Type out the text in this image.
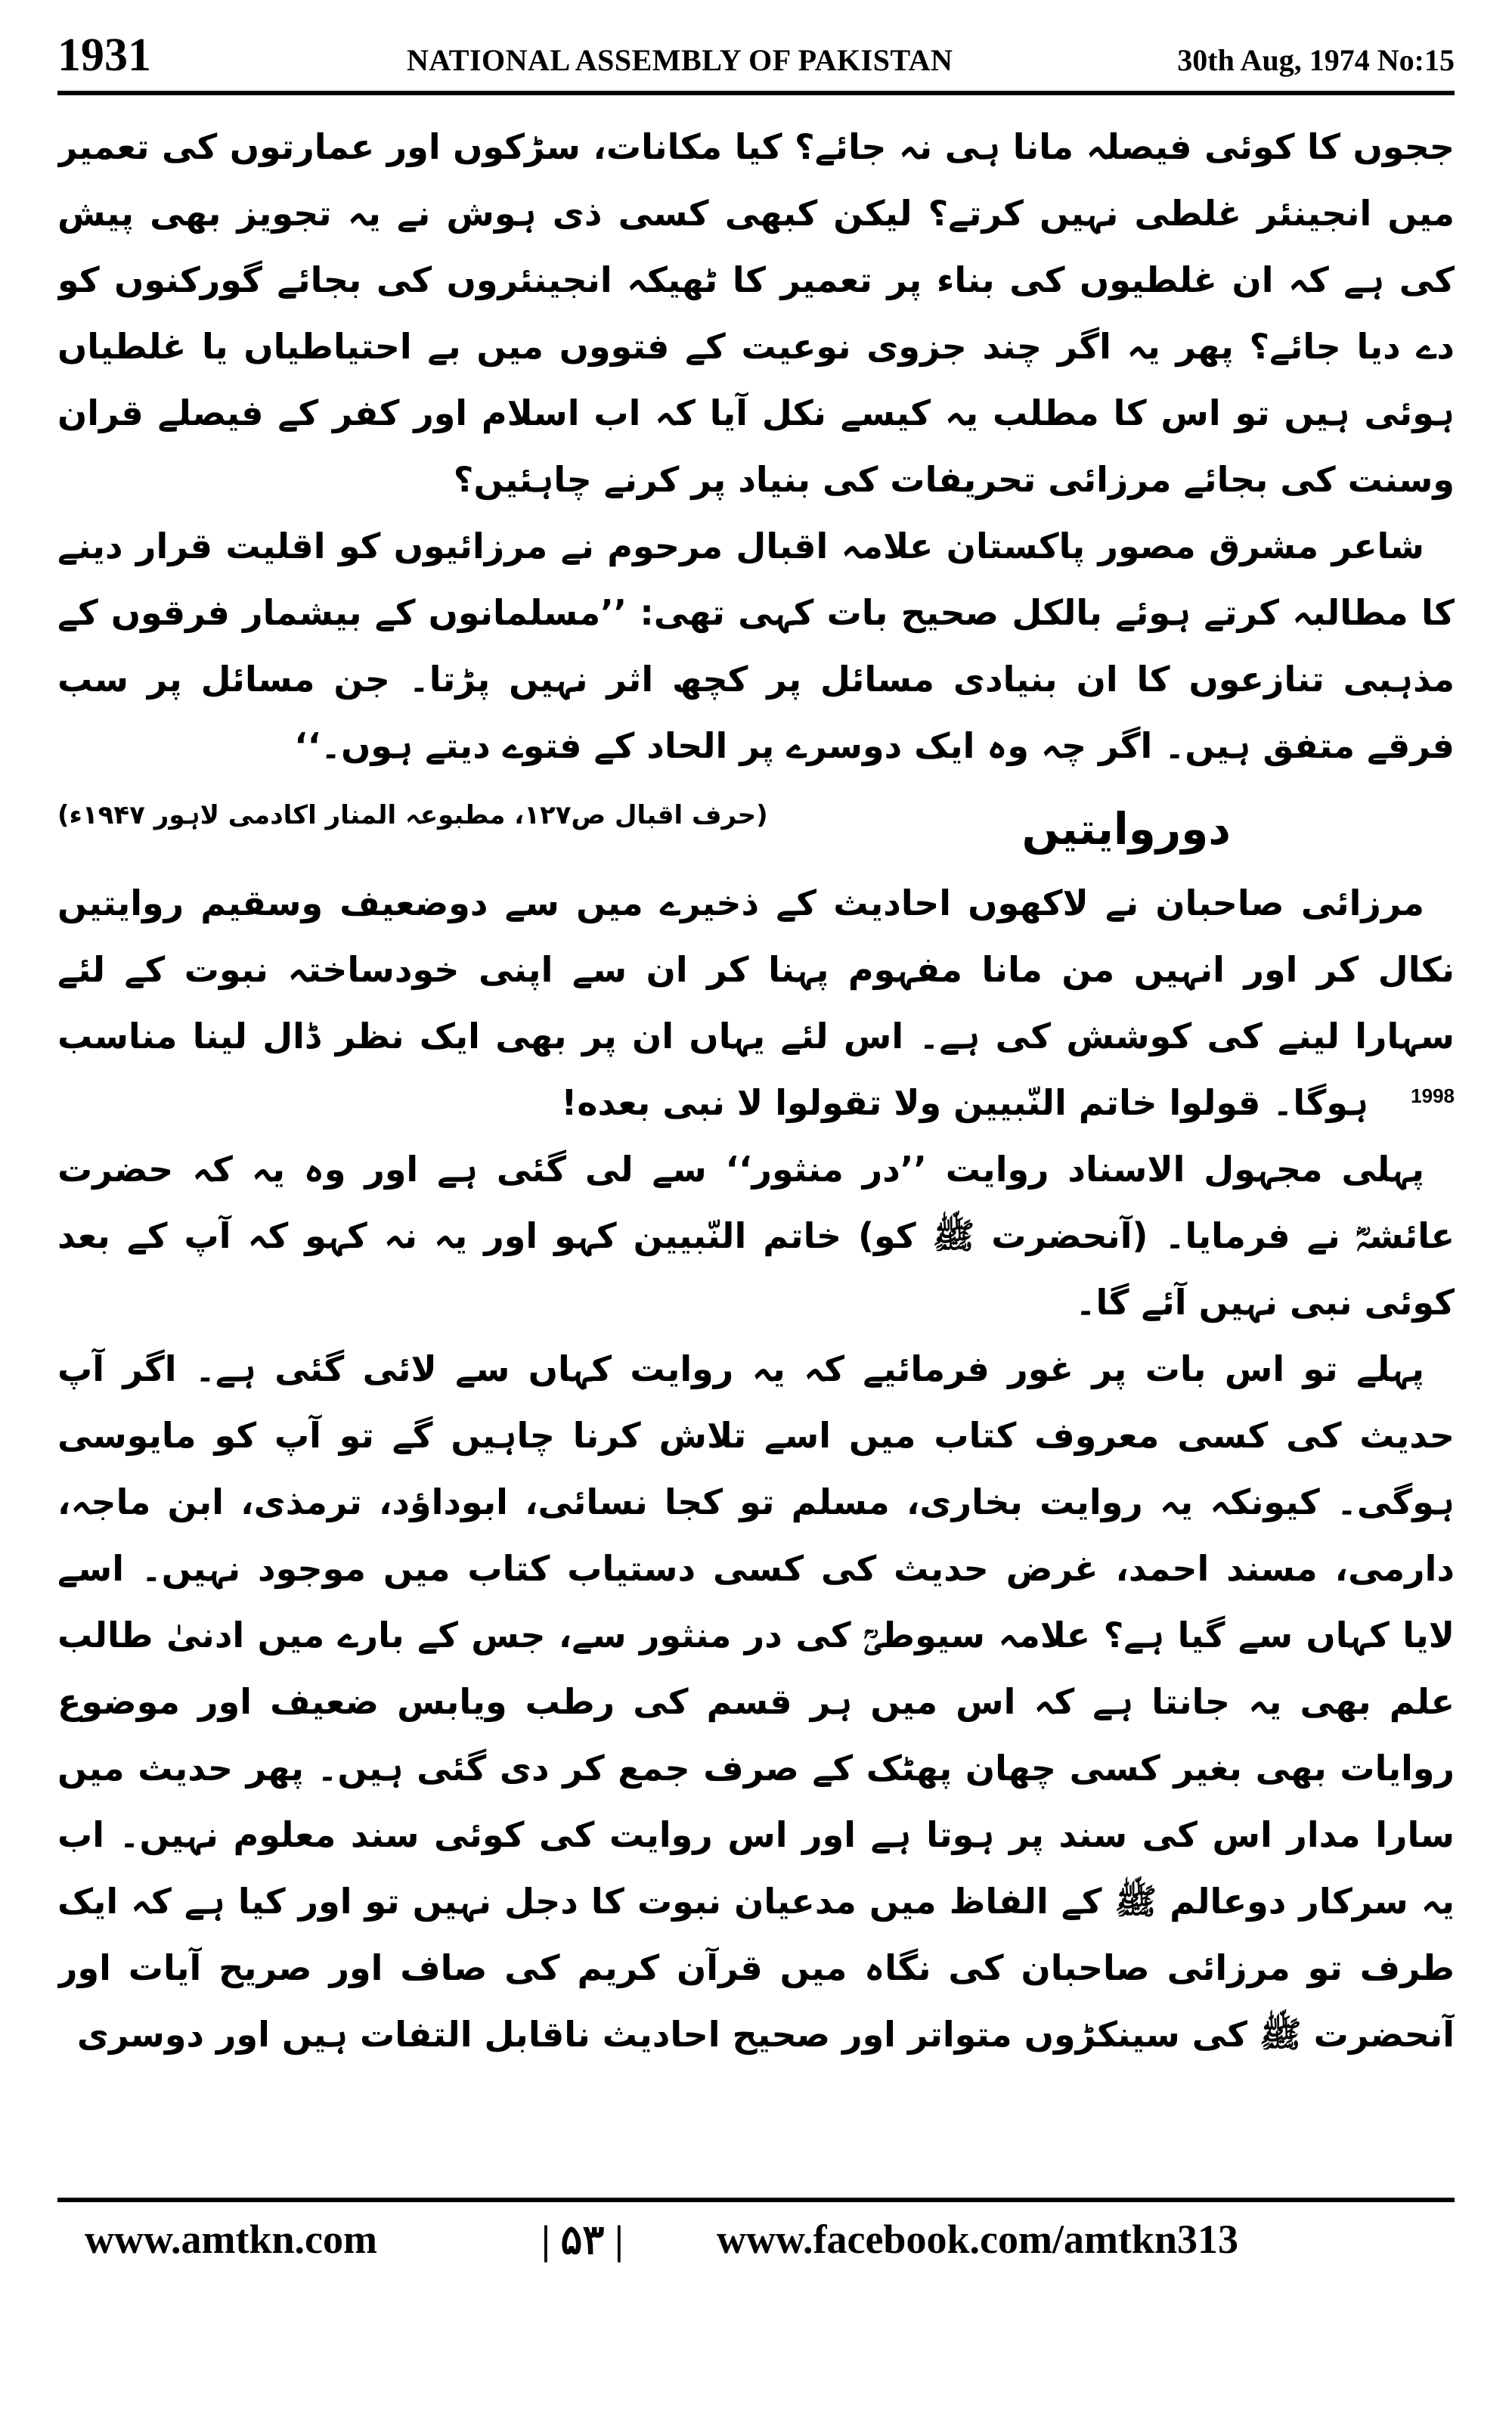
1931	NATIONAL ASSEMBLY OF PAKISTAN	30th Aug, 1974 No:15

ججوں کا کوئی فیصلہ مانا ہی نہ جائے؟ کیا مکانات، سڑکوں اور عمارتوں کی تعمیر میں انجینئر غلطی نہیں کرتے؟ لیکن کبھی کسی ذی ہوش نے یہ تجویز بھی پیش کی ہے کہ ان غلطیوں کی بناء پر تعمیر کا ٹھیکہ انجینئروں کی بجائے گورکنوں کو دے دیا جائے؟ پھر یہ اگر چند جزوی نوعیت کے فتووں میں بے احتیاطیاں یا غلطیاں ہوئی ہیں تو اس کا مطلب یہ کیسے نکل آیا کہ اب اسلام اور کفر کے فیصلے قران وسنت کی بجائے مرزائی تحریفات کی بنیاد پر کرنے چاہئیں؟

شاعر مشرق مصور پاکستان علامہ اقبال مرحوم نے مرزائیوں کو اقلیت قرار دینے کا مطالبہ کرتے ہوئے بالکل صحیح بات کہی تھی: ’’مسلمانوں کے بیشمار فرقوں کے مذہبی تنازعوں کا ان بنیادی مسائل پر کچھ اثر نہیں پڑتا۔ جن مسائل پر سب فرقے متفق ہیں۔ اگر چہ وہ ایک دوسرے پر الحاد کے فتوے دیتے ہوں۔‘‘
(حرف اقبال ص۱۲۷، مطبوعہ المنار اکادمی لاہور ۱۹۴۷ء)	دوروایتیں

مرزائی صاحبان نے لاکھوں احادیث کے ذخیرے میں سے دوضعیف وسقیم روایتیں نکال کر اور انہیں من مانا مفہوم پہنا کر ان سے اپنی خودساختہ نبوت کے لئے سہارا لینے کی کوشش کی ہے۔ اس لئے یہاں ان پر بھی ایک نظر ڈال لینا مناسب 1998 ہوگا۔ قولوا خاتم النّبیین ولا تقولوا لا نبی بعده!

پہلی مجہول الاسناد روایت ’’در منثور‘‘ سے لی گئی ہے اور وہ یہ کہ حضرت عائشہؓ نے فرمایا۔ (آنحضرت ﷺ کو) خاتم النّبیین کہو اور یہ نہ کہو کہ آپ کے بعد کوئی نبی نہیں آئے گا۔

پہلے تو اس بات پر غور فرمائیے کہ یہ روایت کہاں سے لائی گئی ہے۔ اگر آپ حدیث کی کسی معروف کتاب میں اسے تلاش کرنا چاہیں گے تو آپ کو مایوسی ہوگی۔ کیونکہ یہ روایت بخاری، مسلم تو کجا نسائی، ابوداؤد، ترمذی، ابن ماجہ، دارمی، مسند احمد، غرض حدیث کی کسی دستیاب کتاب میں موجود نہیں۔ اسے لایا کہاں سے گیا ہے؟ علامہ سیوطیؒ کی در منثور سے، جس کے بارے میں ادنیٰ طالب علم بھی یہ جانتا ہے کہ اس میں ہر قسم کی رطب ویابس ضعیف اور موضوع روایات بھی بغیر کسی چھان پھٹک کے صرف جمع کر دی گئی ہیں۔ پھر حدیث میں سارا مدار اس کی سند پر ہوتا ہے اور اس روایت کی کوئی سند معلوم نہیں۔ اب یہ سرکار دوعالم ﷺ کے الفاظ میں مدعیان نبوت کا دجل نہیں تو اور کیا ہے کہ ایک طرف تو مرزائی صاحبان کی نگاہ میں قرآن کریم کی صاف اور صریح آیات اور آنحضرت ﷺ کی سینکڑوں متواتر اور صحیح احادیث ناقابل التفات ہیں اور دوسری

www.amtkn.com	| ۵۳ | www.facebook.com/amtkn313
